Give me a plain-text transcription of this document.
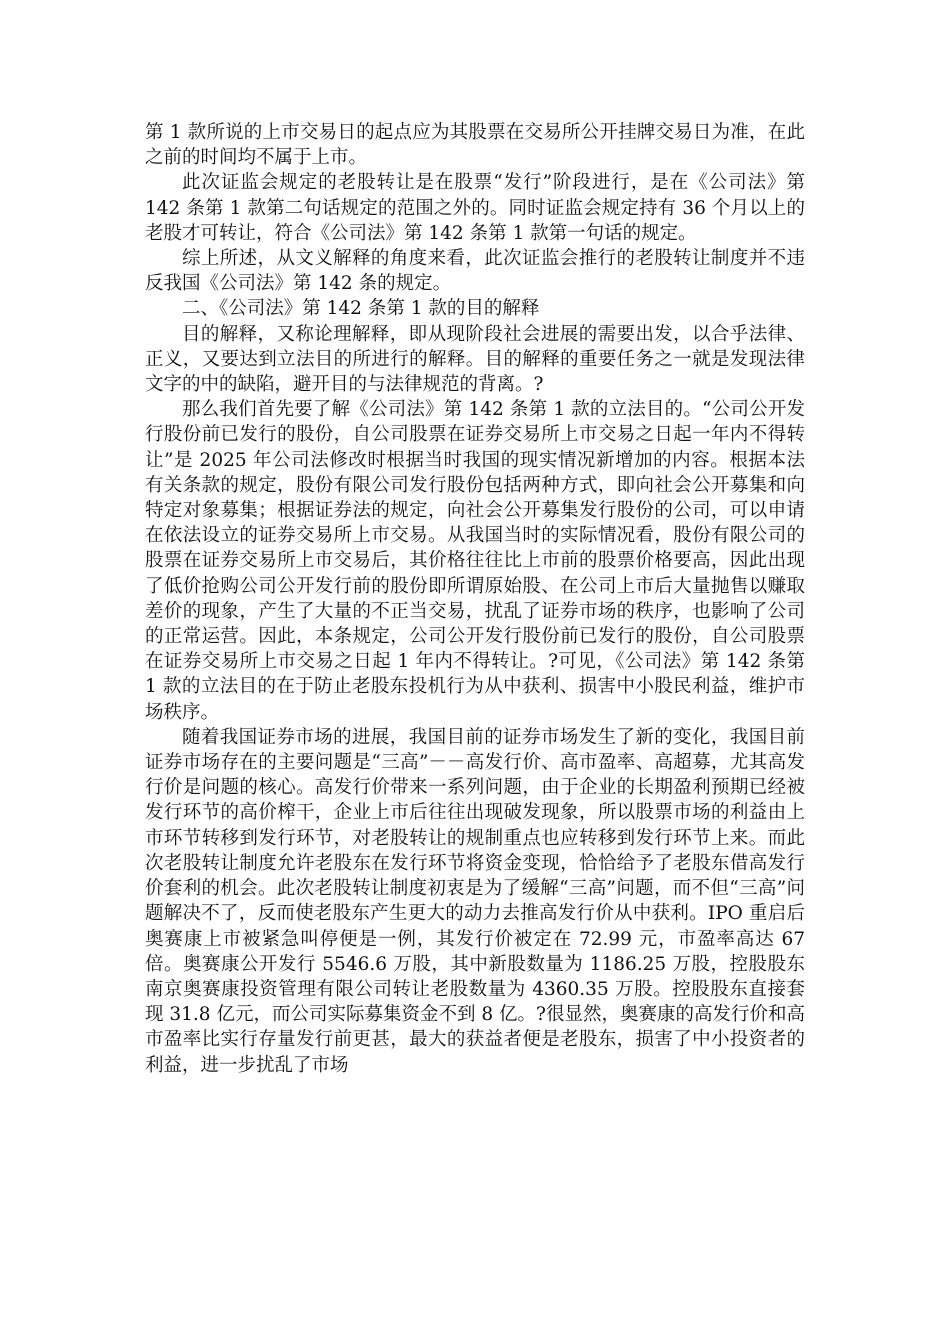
第 1 款所说的上市交易日的起点应为其股票在交易所公开挂牌交易日为准，在此之前的时间均不属于上市。

此次证监会规定的老股转让是在股票“发行”阶段进行，是在《公司法》第 142 条第 1 款第二句话规定的范围之外的。同时证监会规定持有 36 个月以上的老股才可转让，符合《公司法》第 142 条第 1 款第一句话的规定。

综上所述，从文义解释的角度来看，此次证监会推行的老股转让制度并不违反我国《公司法》第 142 条的规定。

二、《公司法》第 142 条第 1 款的目的解释

目的解释，又称论理解释，即从现阶段社会进展的需要出发，以合乎法律、正义，又要达到立法目的所进行的解释。目的解释的重要任务之一就是发现法律文字的中的缺陷，避开目的与法律规范的背离。?

那么我们首先要了解《公司法》第 142 条第 1 款的立法目的。“公司公开发行股份前已发行的股份，自公司股票在证券交易所上市交易之日起一年内不得转让”是 2025 年公司法修改时根据当时我国的现实情况新增加的内容。根据本法有关条款的规定，股份有限公司发行股份包括两种方式，即向社会公开募集和向特定对象募集；根据证券法的规定，向社会公开募集发行股份的公司，可以申请在依法设立的证券交易所上市交易。从我国当时的实际情况看，股份有限公司的股票在证券交易所上市交易后，其价格往往比上市前的股票价格要高，因此出现了低价抢购公司公开发行前的股份即所谓原始股、在公司上市后大量抛售以赚取差价的现象，产生了大量的不正当交易，扰乱了证券市场的秩序，也影响了公司的正常运营。因此，本条规定，公司公开发行股份前已发行的股份，自公司股票在证券交易所上市交易之日起 1 年内不得转让。?可见，《公司法》第 142 条第 1 款的立法目的在于防止老股东投机行为从中获利、损害中小股民利益，维护市场秩序。

随着我国证券市场的进展，我国目前的证券市场发生了新的变化，我国目前证券市场存在的主要问题是“三高”－－高发行价、高市盈率、高超募，尤其高发行价是问题的核心。高发行价带来一系列问题，由于企业的长期盈利预期已经被发行环节的高价榨干，企业上市后往往出现破发现象，所以股票市场的利益由上市环节转移到发行环节，对老股转让的规制重点也应转移到发行环节上来。而此次老股转让制度允许老股东在发行环节将资金变现，恰恰给予了老股东借高发行价套利的机会。此次老股转让制度初衷是为了缓解“三高”问题，而不但“三高”问题解决不了，反而使老股东产生更大的动力去推高发行价从中获利。IPO 重启后奥赛康上市被紧急叫停便是一例，其发行价被定在 72.99 元，市盈率高达 67 倍。奥赛康公开发行 5546.6 万股，其中新股数量为 1186.25 万股，控股股东南京奥赛康投资管理有限公司转让老股数量为 4360.35 万股。控股股东直接套现 31.8 亿元，而公司实际募集资金不到 8 亿。?很显然，奥赛康的高发行价和高市盈率比实行存量发行前更甚，最大的获益者便是老股东，损害了中小投资者的利益，进一步扰乱了市场
